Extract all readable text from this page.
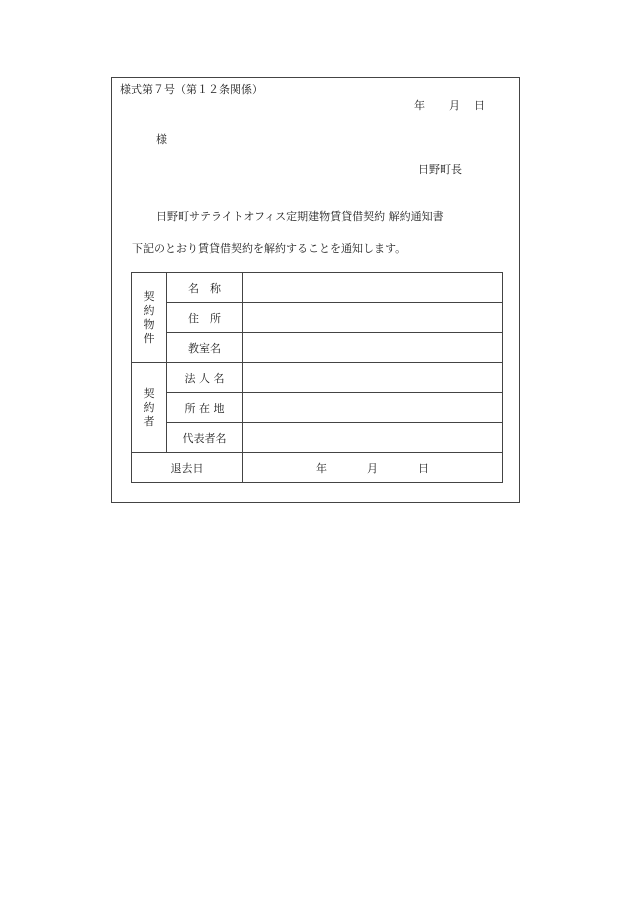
様式第７号（第１２条関係）
年 月 日
様
日野町長
日野町サテライトオフィス定期建物賃貸借契約 解約通知書
下記のとおり賃貸借契約を解約することを通知します。
契約物件	名　称	
	住　所	
	教室名	
契約者	法 人 名	
	所 在 地	
	代表者名	
退去日		年 月 日
